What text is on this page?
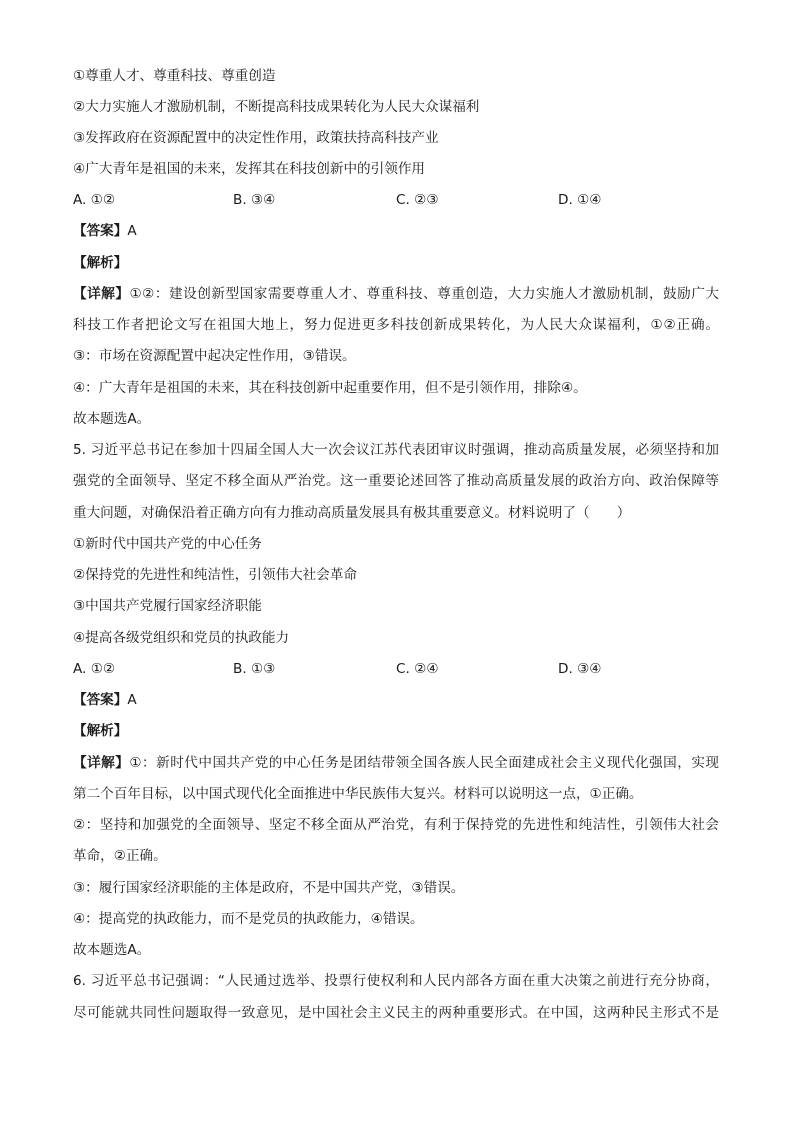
①尊重人才、尊重科技、尊重创造
②大力实施人才激励机制，不断提高科技成果转化为人民大众谋福利
③发挥政府在资源配置中的决定性作用，政策扶持高科技产业
④广大青年是祖国的未来，发挥其在科技创新中的引领作用
A. ①②	B. ③④	C. ②③	D. ①④
【答案】A
【解析】
【详解】①②：建设创新型国家需要尊重人才、尊重科技、尊重创造，大力实施人才激励机制，鼓励广大
科技工作者把论文写在祖国大地上，努力促进更多科技创新成果转化，为人民大众谋福利，①②正确。
③：市场在资源配置中起决定性作用，③错误。
④：广大青年是祖国的未来，其在科技创新中起重要作用，但不是引领作用，排除④。
故本题选A。
5. 习近平总书记在参加十四届全国人大一次会议江苏代表团审议时强调，推动高质量发展，必须坚持和加
强党的全面领导、坚定不移全面从严治党。这一重要论述回答了推动高质量发展的政治方向、政治保障等
重大问题，对确保沿着正确方向有力推动高质量发展具有极其重要意义。材料说明了（　　）
①新时代中国共产党的中心任务
②保持党的先进性和纯洁性，引领伟大社会革命
③中国共产党履行国家经济职能
④提高各级党组织和党员的执政能力
A. ①②	B. ①③	C. ②④	D. ③④
【答案】A
【解析】
【详解】①：新时代中国共产党的中心任务是团结带领全国各族人民全面建成社会主义现代化强国，实现
第二个百年目标，以中国式现代化全面推进中华民族伟大复兴。材料可以说明这一点，①正确。
②：坚持和加强党的全面领导、坚定不移全面从严治党，有利于保持党的先进性和纯洁性，引领伟大社会
革命，②正确。
③：履行国家经济职能的主体是政府，不是中国共产党，③错误。
④：提高党的执政能力，而不是党员的执政能力，④错误。
故本题选A。
6. 习近平总书记强调：“人民通过选举、投票行使权利和人民内部各方面在重大决策之前进行充分协商，
尽可能就共同性问题取得一致意见，是中国社会主义民主的两种重要形式。在中国，这两种民主形式不是
